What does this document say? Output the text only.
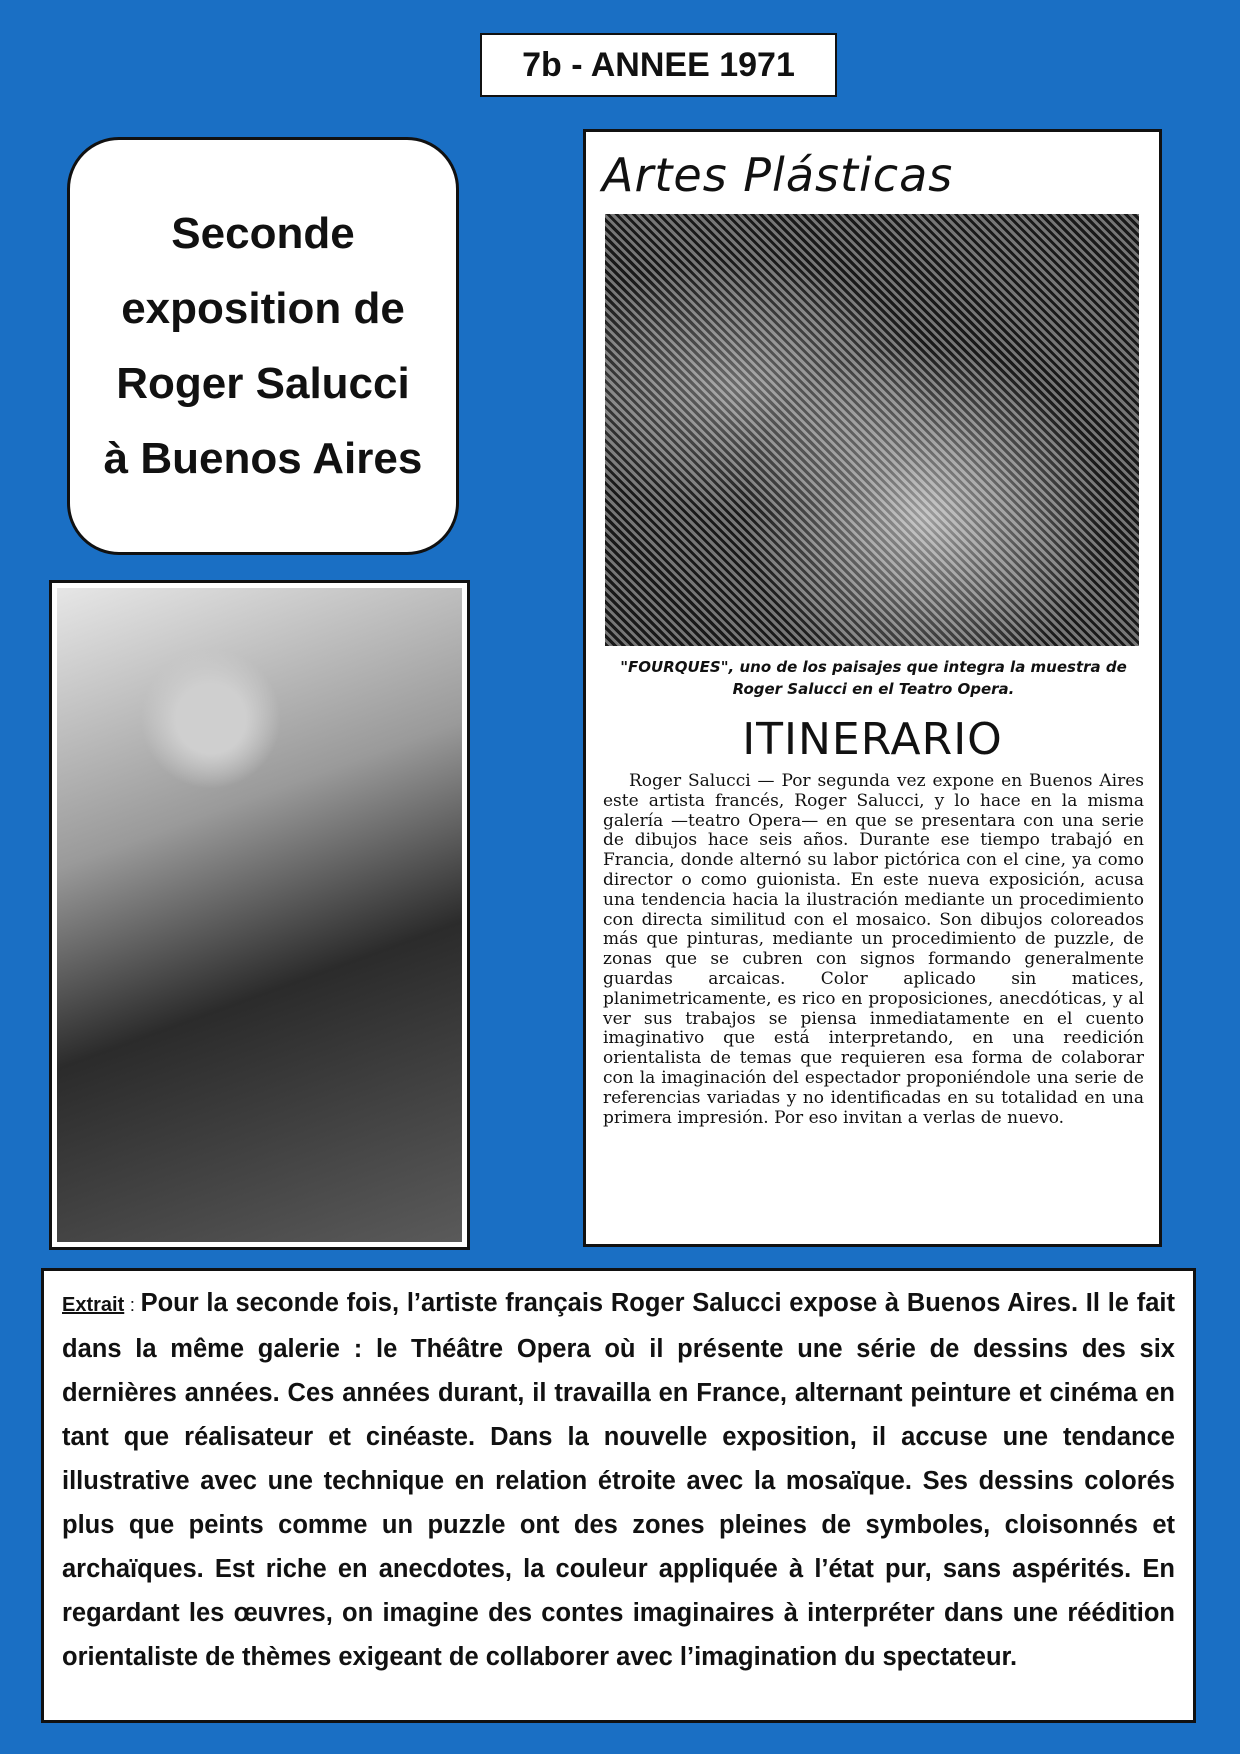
7b - ANNEE 1971
Seconde exposition de Roger Salucci à Buenos Aires
Artes Plásticas
"FOURQUES", uno de los paisajes que integra la muestra de Roger Salucci en el Teatro Opera.
ITINERARIO
Roger Salucci — Por segunda vez expone en Buenos Aires este artista francés, Roger Salucci, y lo hace en la misma galería —teatro Opera— en que se presentara con una serie de dibujos hace seis años. Durante ese tiempo trabajó en Francia, donde alternó su labor pictórica con el cine, ya como director o como guionista. En este nueva exposición, acusa una tendencia hacia la ilustración mediante un procedimiento con directa similitud con el mosaico. Son dibujos coloreados más que pinturas, mediante un procedimiento de puzzle, de zonas que se cubren con signos formando generalmente guardas arcaicas. Color aplicado sin matices, planimetricamente, es rico en proposiciones, anecdóticas, y al ver sus trabajos se piensa inmediatamente en el cuento imaginativo que está interpretando, en una reedición orientalista de temas que requieren esa forma de colaborar con la imaginación del espectador proponiéndole una serie de referencias variadas y no identificadas en su totalidad en una primera impresión. Por eso invitan a verlas de nuevo.
Extrait : Pour la seconde fois, l’artiste français Roger Salucci expose à Buenos Aires. Il le fait dans la même galerie : le Théâtre Opera où il présente une série de dessins des six dernières années. Ces années durant, il travailla en France, alternant peinture et cinéma en tant que réalisateur et cinéaste. Dans la nouvelle exposition, il accuse une tendance illustrative avec une technique en relation étroite avec la mosaïque. Ses dessins colorés plus que peints comme un puzzle ont des zones pleines de symboles, cloisonnés et archaïques. Est riche en anecdotes, la couleur appliquée à l’état pur, sans aspérités. En regardant les œuvres, on imagine des contes imaginaires à interpréter dans une réédition orientaliste de thèmes exigeant de collaborer avec l’imagination du spectateur.
